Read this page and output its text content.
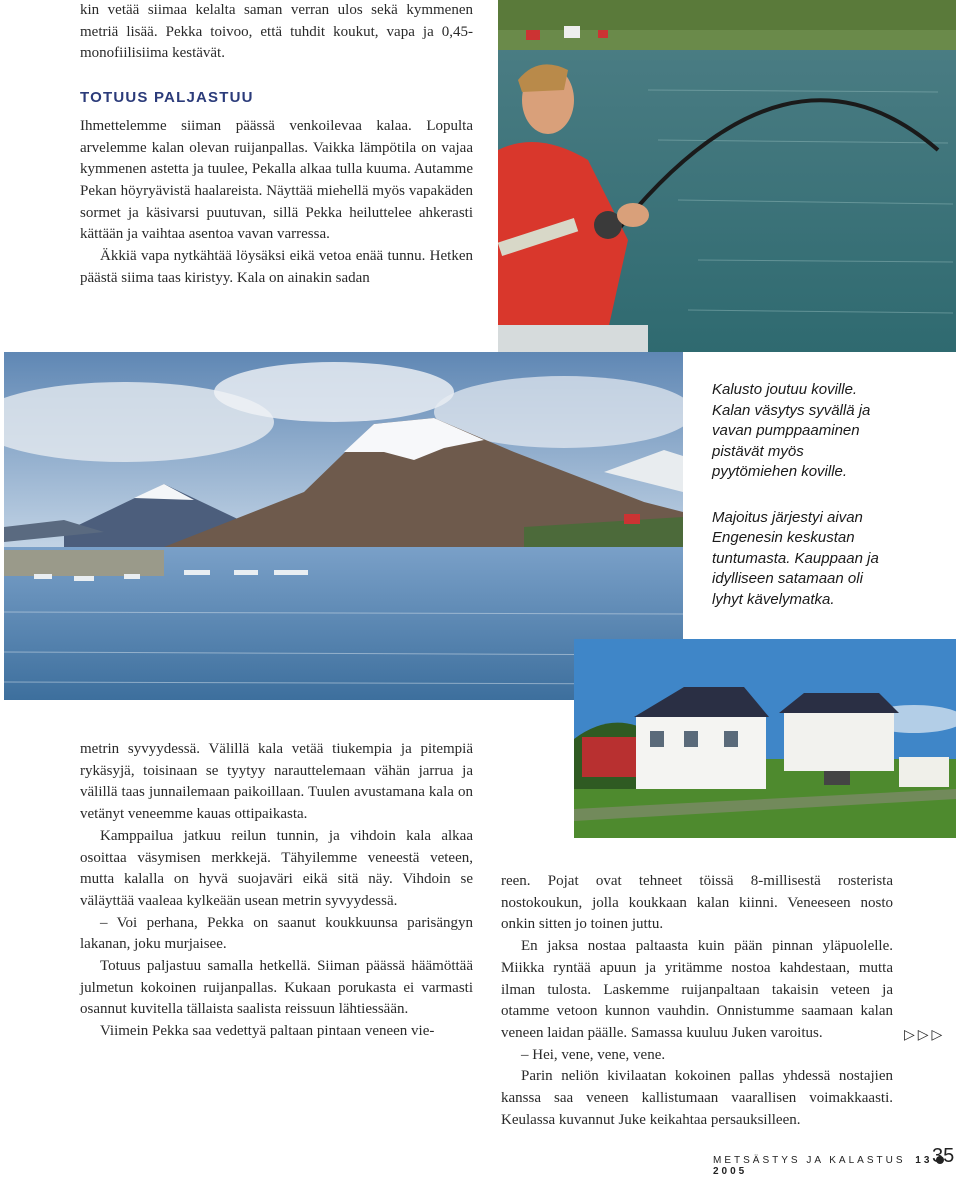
kin vetää siimaa kelalta saman verran ulos sekä kymmenen metriä lisää. Pekka toivoo, että tuhdit koukut, vapa ja 0,45-monofiilisiima kestävät.

TOTUUS PALJASTUU

Ihmettelemme siiman päässä venkoilevaa kalaa. Lopulta arvelemme kalan olevan ruijanpallas. Vaikka lämpötila on vajaa kymmenen astetta ja tuulee, Pekalla alkaa tulla kuuma. Autamme Pekan höyryävistä haalareista. Näyttää miehellä myös vapakäden sormet ja käsivarsi puutuvan, sillä Pekka heiluttelee ahkerasti kättään ja vaihtaa asentoa vavan varressa.

Äkkiä vapa nytkähtää löysäksi eikä vetoa enää tunnu. Hetken päästä siima taas kiristyy. Kala on ainakin sadan

Kalusto joutuu koville. Kalan väsytys syvällä ja vavan pumppaaminen pistävät myös pyytömiehen koville.

Majoitus järjestyi aivan Engenesin keskustan tuntumasta. Kauppaan ja idylliseen satamaan oli lyhyt kävelymatka.

metrin syvyydessä. Välillä kala vetää tiukempia ja pitempiä rykäsyjä, toisinaan se tyytyy narauttelemaan vähän jarrua ja välillä taas junnailemaan paikoillaan. Tuulen avustamana kala on vetänyt veneemme kauas ottipaikasta.

Kamppailua jatkuu reilun tunnin, ja vihdoin kala alkaa osoittaa väsymisen merkkejä. Tähyilemme veneestä veteen, mutta kalalla on hyvä suojaväri eikä sitä näy. Vihdoin se väläyttää vaaleaa kylkeään usean metrin syvyydessä.

– Voi perhana, Pekka on saanut koukkuunsa parisängyn lakanan, joku murjaisee.

Totuus paljastuu samalla hetkellä. Siiman päässä häämöttää julmetun kokoinen ruijanpallas. Kukaan porukasta ei varmasti osannut kuvitella tällaista saalista reissuun lähtiessään.

Viimein Pekka saa vedettyä paltaan pintaan veneen vie-

reen. Pojat ovat tehneet töissä 8-millisestä rosterista nostokoukun, jolla koukkaan kalan kiinni. Veneeseen nosto onkin sitten jo toinen juttu.

En jaksa nostaa paltaasta kuin pään pinnan yläpuolelle. Miikka ryntää apuun ja yritämme nostoa kahdestaan, mutta ilman tulosta. Laskemme ruijanpaltaan takaisin veteen ja otamme vetoon kunnon vauhdin. Onnistumme saamaan kalan veneen laidan päälle. Samassa kuuluu Juken varoitus.

– Hei, vene, vene, vene.

Parin neliön kivilaatan kokoinen pallas yhdessä nostajien kanssa saa veneen kallistumaan vaarallisen voimakkaasti. Keulassa kuvannut Juke keikahtaa persauksilleen.

▷▷▷
METSÄSTYS JA KALASTUS 132005
35
